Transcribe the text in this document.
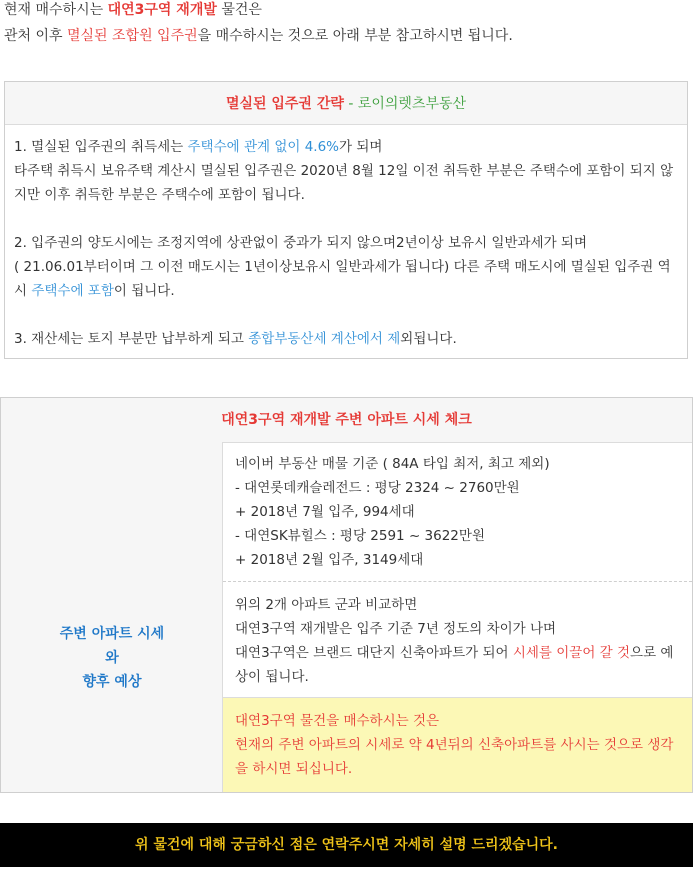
현재 매수하시는 대연3구역 재개발 물건은
관처 이후 멸실된 조합원 입주권을 매수하시는 것으로 아래 부분 참고하시면 됩니다.
멸실된 입주권 간략 - 로이의렛츠부동산

1. 멸실된 입주권의 취득세는 주택수에 관계 없이 4.6%가 되며
타주택 취득시 보유주택 계산시 멸실된 입주권은 2020년 8월 12일 이전 취득한 부분은 주택수에 포함이 되지 않지만 이후 취득한 부분은 주택수에 포함이 됩니다.

2. 입주권의 양도시에는 조정지역에 상관없이 중과가 되지 않으며2년이상 보유시 일반과세가 되며
( 21.06.01부터이며 그 이전 매도시는 1년이상보유시 일반과세가 됩니다) 다른 주택 매도시에 멸실된 입주권 역시 주택수에 포함이 됩니다.

3. 재산세는 토지 부분만 납부하게 되고 종합부동산세 계산에서 제외됩니다.

대연3구역 재개발 주변 아파트 시세 체크
주변 아파트 시세
와
향후 예상
네이버 부동산 매물 기준 ( 84A 타입 최저, 최고 제외)
- 대연롯데캐슬레전드 : 평당 2324 ~ 2760만원
+ 2018년 7월 입주, 994세대
- 대연SK뷰힐스 : 평당 2591 ~ 3622만원
+ 2018년 2월 입주, 3149세대
위의 2개 아파트 군과 비교하면
대연3구역 재개발은 입주 기준 7년 정도의 차이가 나며
대연3구역은 브랜드 대단지 신축아파트가 되어 시세를 이끌어 갈 것으로 예상이 됩니다.
대연3구역 물건을 매수하시는 것은
현재의 주변 아파트의 시세로 약 4년뒤의 신축아파트를 사시는 것으로 생각을 하시면 되십니다.
위 물건에 대해 궁금하신 점은 연락주시면 자세히 설명 드리겠습니다.
